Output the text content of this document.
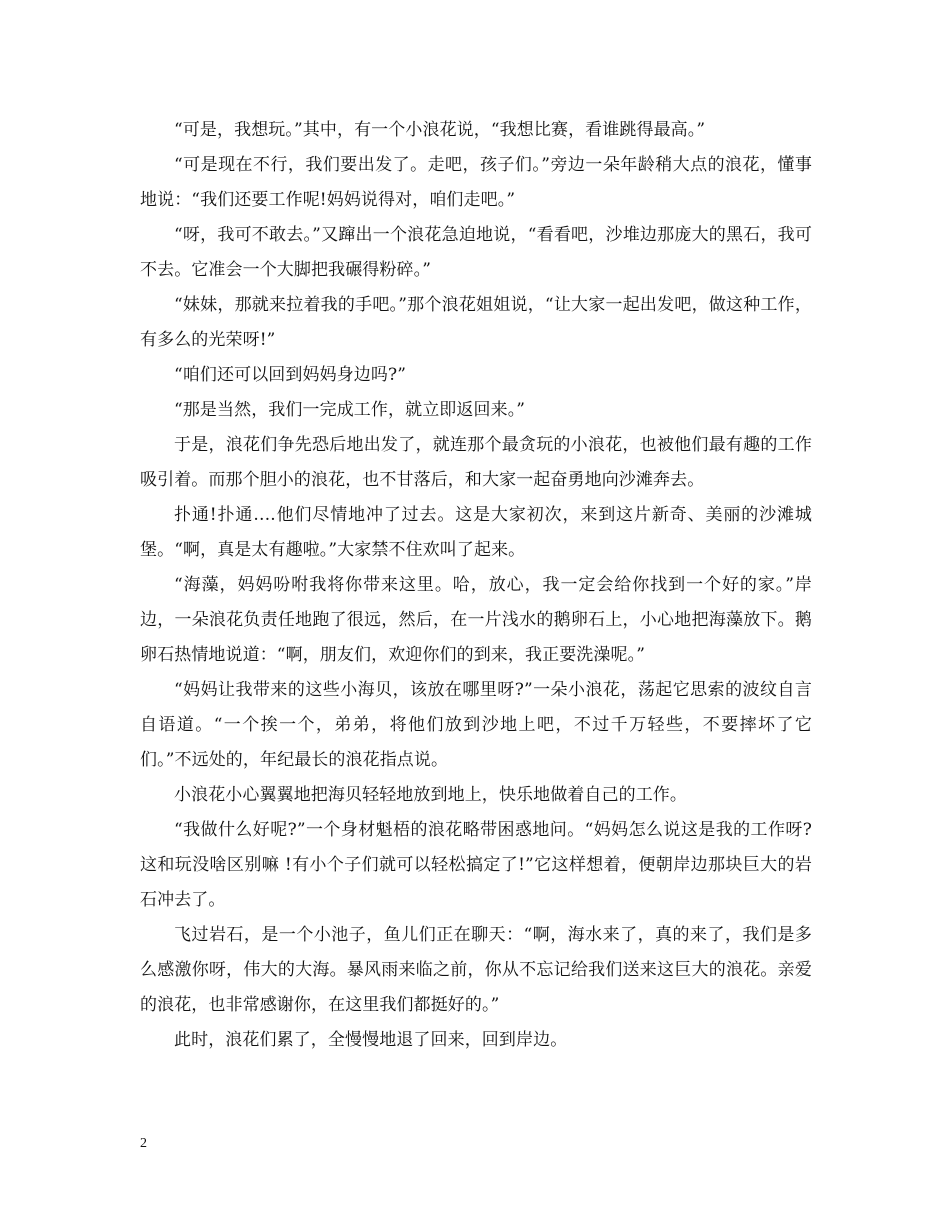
“可是，我想玩。”其中，有一个小浪花说，“我想比赛，看谁跳得最高。”

“可是现在不行，我们要出发了。走吧，孩子们。”旁边一朵年龄稍大点的浪花，懂事地说：“我们还要工作呢!妈妈说得对，咱们走吧。”

“呀，我可不敢去。”又蹿出一个浪花急迫地说，“看看吧，沙堆边那庞大的黑石，我可不去。它准会一个大脚把我碾得粉碎。”

“妹妹，那就来拉着我的手吧。”那个浪花姐姐说，“让大家一起出发吧，做这种工作，有多么的光荣呀!”

“咱们还可以回到妈妈身边吗?”

“那是当然，我们一完成工作，就立即返回来。”

于是，浪花们争先恐后地出发了，就连那个最贪玩的小浪花，也被他们最有趣的工作吸引着。而那个胆小的浪花，也不甘落后，和大家一起奋勇地向沙滩奔去。

扑通!扑通….他们尽情地冲了过去。这是大家初次，来到这片新奇、美丽的沙滩城堡。“啊，真是太有趣啦。”大家禁不住欢叫了起来。

“海藻，妈妈吩咐我将你带来这里。哈，放心，我一定会给你找到一个好的家。”岸边，一朵浪花负责任地跑了很远，然后，在一片浅水的鹅卵石上，小心地把海藻放下。鹅卵石热情地说道：“啊，朋友们，欢迎你们的到来，我正要洗澡呢。”

“妈妈让我带来的这些小海贝，该放在哪里呀?”一朵小浪花，荡起它思索的波纹自言自语道。“一个挨一个，弟弟，将他们放到沙地上吧，不过千万轻些，不要摔坏了它们。”不远处的，年纪最长的浪花指点说。

小浪花小心翼翼地把海贝轻轻地放到地上，快乐地做着自己的工作。

“我做什么好呢?”一个身材魁梧的浪花略带困惑地问。“妈妈怎么说这是我的工作呀?这和玩没啥区别嘛 !有小个子们就可以轻松搞定了!”它这样想着，便朝岸边那块巨大的岩石冲去了。

飞过岩石，是一个小池子，鱼儿们正在聊天：“啊，海水来了，真的来了，我们是多么感激你呀，伟大的大海。暴风雨来临之前，你从不忘记给我们送来这巨大的浪花。亲爱的浪花，也非常感谢你，在这里我们都挺好的。”

此时，浪花们累了，全慢慢地退了回来，回到岸边。

2
